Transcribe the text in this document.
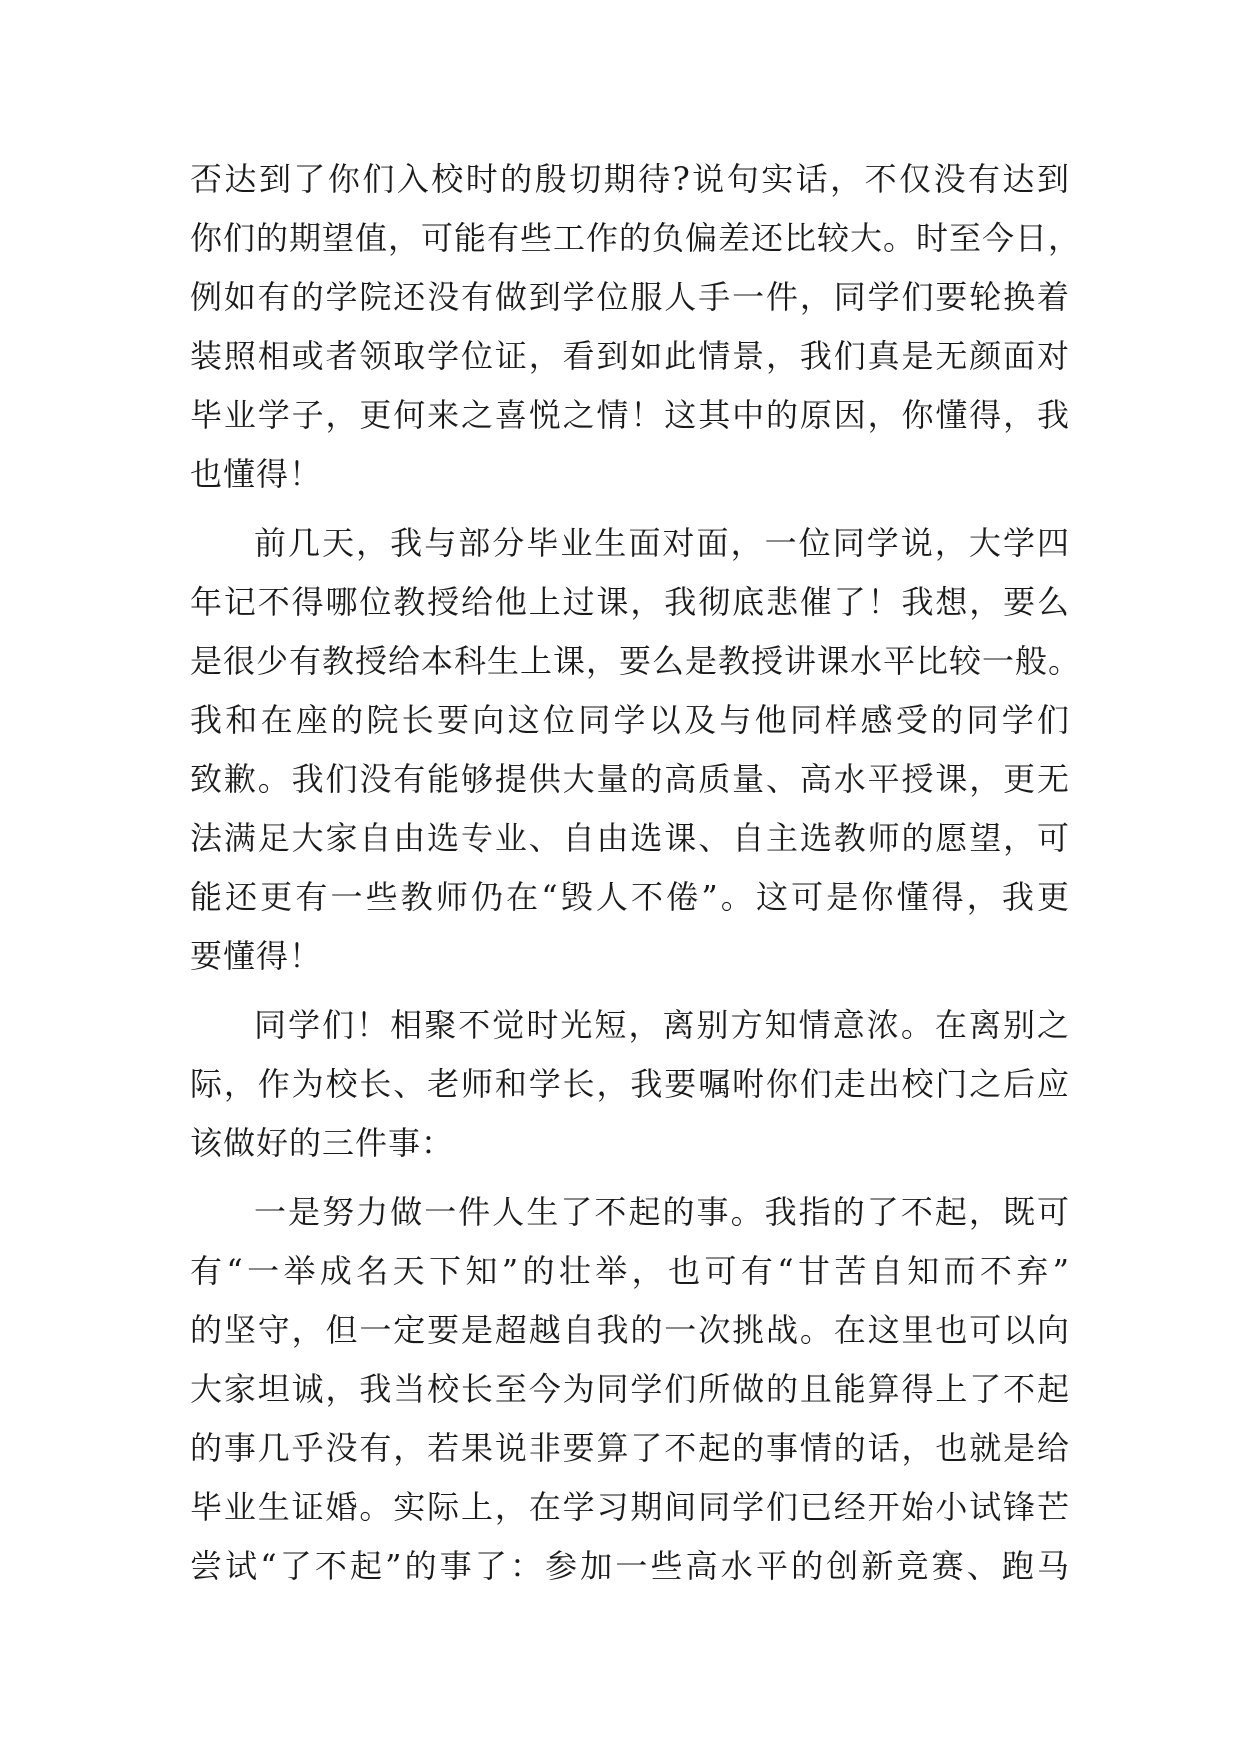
否达到了你们入校时的殷切期待?说句实话，不仅没有达到
你们的期望值，可能有些工作的负偏差还比较大。时至今日，
例如有的学院还没有做到学位服人手一件，同学们要轮换着
装照相或者领取学位证，看到如此情景，我们真是无颜面对
毕业学子，更何来之喜悦之情！这其中的原因，你懂得，我
也懂得！
前几天，我与部分毕业生面对面，一位同学说，大学四
年记不得哪位教授给他上过课，我彻底悲催了！我想，要么
是很少有教授给本科生上课，要么是教授讲课水平比较一般。
我和在座的院长要向这位同学以及与他同样感受的同学们
致歉。我们没有能够提供大量的高质量、高水平授课，更无
法满足大家自由选专业、自由选课、自主选教师的愿望，可
能还更有一些教师仍在“毁人不倦”。这可是你懂得，我更
要懂得！
同学们！相聚不觉时光短，离别方知情意浓。在离别之
际，作为校长、老师和学长，我要嘱咐你们走出校门之后应
该做好的三件事：
一是努力做一件人生了不起的事。我指的了不起，既可
有“一举成名天下知”的壮举，也可有“甘苦自知而不弃”
的坚守，但一定要是超越自我的一次挑战。在这里也可以向
大家坦诚，我当校长至今为同学们所做的且能算得上了不起
的事几乎没有，若果说非要算了不起的事情的话，也就是给
毕业生证婚。实际上，在学习期间同学们已经开始小试锋芒
尝试“了不起”的事了：参加一些高水平的创新竞赛、跑马
